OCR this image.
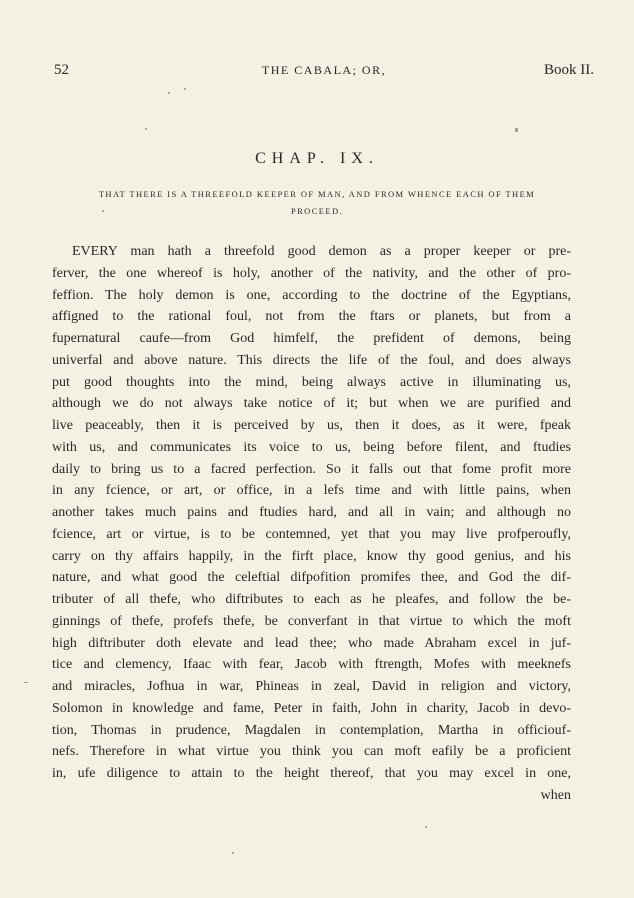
52	THE CABALA; OR,	Book II.
CHAP. IX.
THAT THERE IS A THREEFOLD KEEPER OF MAN, AND FROM WHENCE EACH OF THEM
PROCEED.
EVERY man hath a threefold good demon as a proper keeper or pre-
ferver, the one whereof is holy, another of the nativity, and the other of pro-
feffion. The holy demon is one, according to the doctrine of the Egyptians,
affigned to the rational foul, not from the ftars or planets, but from a
fupernatural caufe—from God himfelf, the prefident of demons, being
univerfal and above nature. This directs the life of the foul, and does always
put good thoughts into the mind, being always active in illuminating us,
although we do not always take notice of it; but when we are purified and
live peaceably, then it is perceived by us, then it does, as it were, fpeak
with us, and communicates its voice to us, being before filent, and ftudies
daily to bring us to a facred perfection. So it falls out that fome profit more
in any fcience, or art, or office, in a lefs time and with little pains, when
another takes much pains and ftudies hard, and all in vain; and although no
fcience, art or virtue, is to be contemned, yet that you may live profperoufly,
carry on thy affairs happily, in the firft place, know thy good genius, and his
nature, and what good the celeftial difpofition promifes thee, and God the dif-
tributer of all thefe, who diftributes to each as he pleafes, and follow the be-
ginnings of thefe, profefs thefe, be converfant in that virtue to which the moft
high diftributer doth elevate and lead thee; who made Abraham excel in juf-
tice and clemency, Ifaac with fear, Jacob with ftrength, Mofes with meeknefs
and miracles, Jofhua in war, Phineas in zeal, David in religion and victory,
Solomon in knowledge and fame, Peter in faith, John in charity, Jacob in devo-
tion, Thomas in prudence, Magdalen in contemplation, Martha in officiouf-
nefs. Therefore in what virtue you think you can moft eafily be a proficient
in, ufe diligence to attain to the height thereof, that you may excel in one,
when
